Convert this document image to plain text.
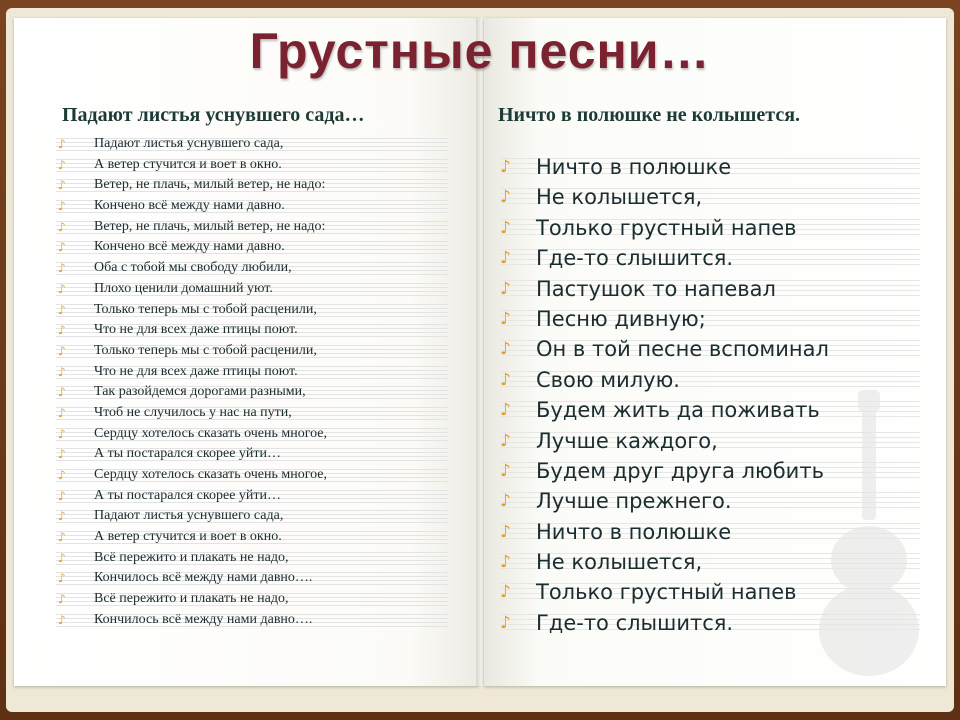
Грустные песни…
Падают листья уснувшего сада…	Ничто в полюшке не колышется.
♪ Падают листья уснувшего сада,
♪ А ветер стучится и воет в окно.
♪ Ветер, не плачь, милый ветер, не надо:
♪ Кончено всё между нами давно.
♪ Ветер, не плачь, милый ветер, не надо:
♪ Кончено всё между нами давно.
♪ Оба с тобой мы свободу любили,
♪ Плохо ценили домашний уют.
♪ Только теперь мы с тобой расценили,
♪ Что не для всех даже птицы поют.
♪ Только теперь мы с тобой расценили,
♪ Что не для всех даже птицы поют.
♪ Так разойдемся дорогами разными,
♪ Чтоб не случилось у нас на пути,
♪ Сердцу хотелось сказать очень многое,
♪ А ты постарался скорее уйти…
♪ Сердцу хотелось сказать очень многое,
♪ А ты постарался скорее уйти…
♪ Падают листья уснувшего сада,
♪ А ветер стучится и воет в окно.
♪ Всё пережито и плакать не надо,
♪ Кончилось всё между нами давно….
♪ Всё пережито и плакать не надо,
♪ Кончилось всё между нами давно….
♪ Ничто в полюшке
♪ Не колышется,
♪ Только грустный напев
♪ Где-то слышится.
♪ Пастушок то напевал
♪ Песню дивную;
♪ Он в той песне вспоминал
♪ Свою милую.
♪ Будем жить да поживать
♪ Лучше каждого,
♪ Будем друг друга любить
♪ Лучше прежнего.
♪ Ничто в полюшке
♪ Не колышется,
♪ Только грустный напев
♪ Где-то слышится.
